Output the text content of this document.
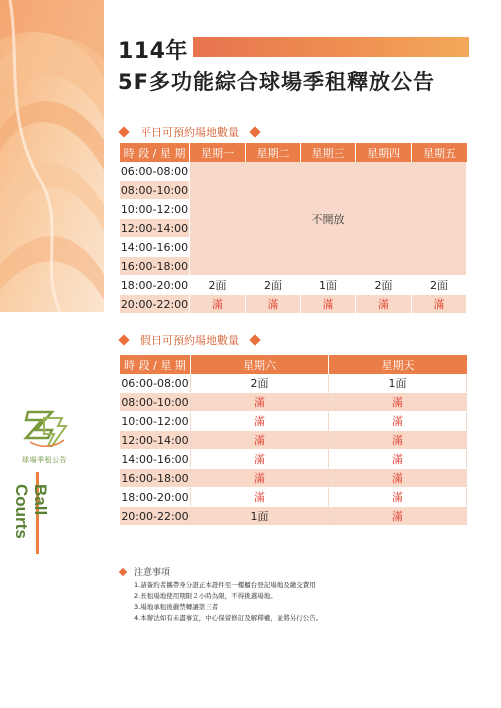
114年
5F多功能綜合球場季租釋放公告
平日可預約場地數量
時 段 / 星 期	星期一	星期二	星期三	星期四	星期五
06:00-08:00	不開放				
08:00-10:00					
10:00-12:00					
12:00-14:00					
14:00-16:00					
16:00-18:00					
18:00-20:00	2面	2面	1面	2面	2面
20:00-22:00	滿	滿	滿	滿	滿
假日可預約場地數量
時 段 / 星 期	星期六	星期天
06:00-08:00	2面	1面
08:00-10:00	滿	滿
10:00-12:00	滿	滿
12:00-14:00	滿	滿
14:00-16:00	滿	滿
16:00-18:00	滿	滿
18:00-20:00	滿	滿
20:00-22:00	1面	滿
球場季租公告
Ball
Courts
注意事項
1.請簽約者攜帶身分證正本證件至一樓櫃台登記場地及繳交費用
2.長租場地使用期限２小時為限，不得挑選場地。
3.場地承租後嚴禁轉讓第三者
4.本辦法如有未盡事宜，中心保留修訂及解釋權，並將另行公告。
